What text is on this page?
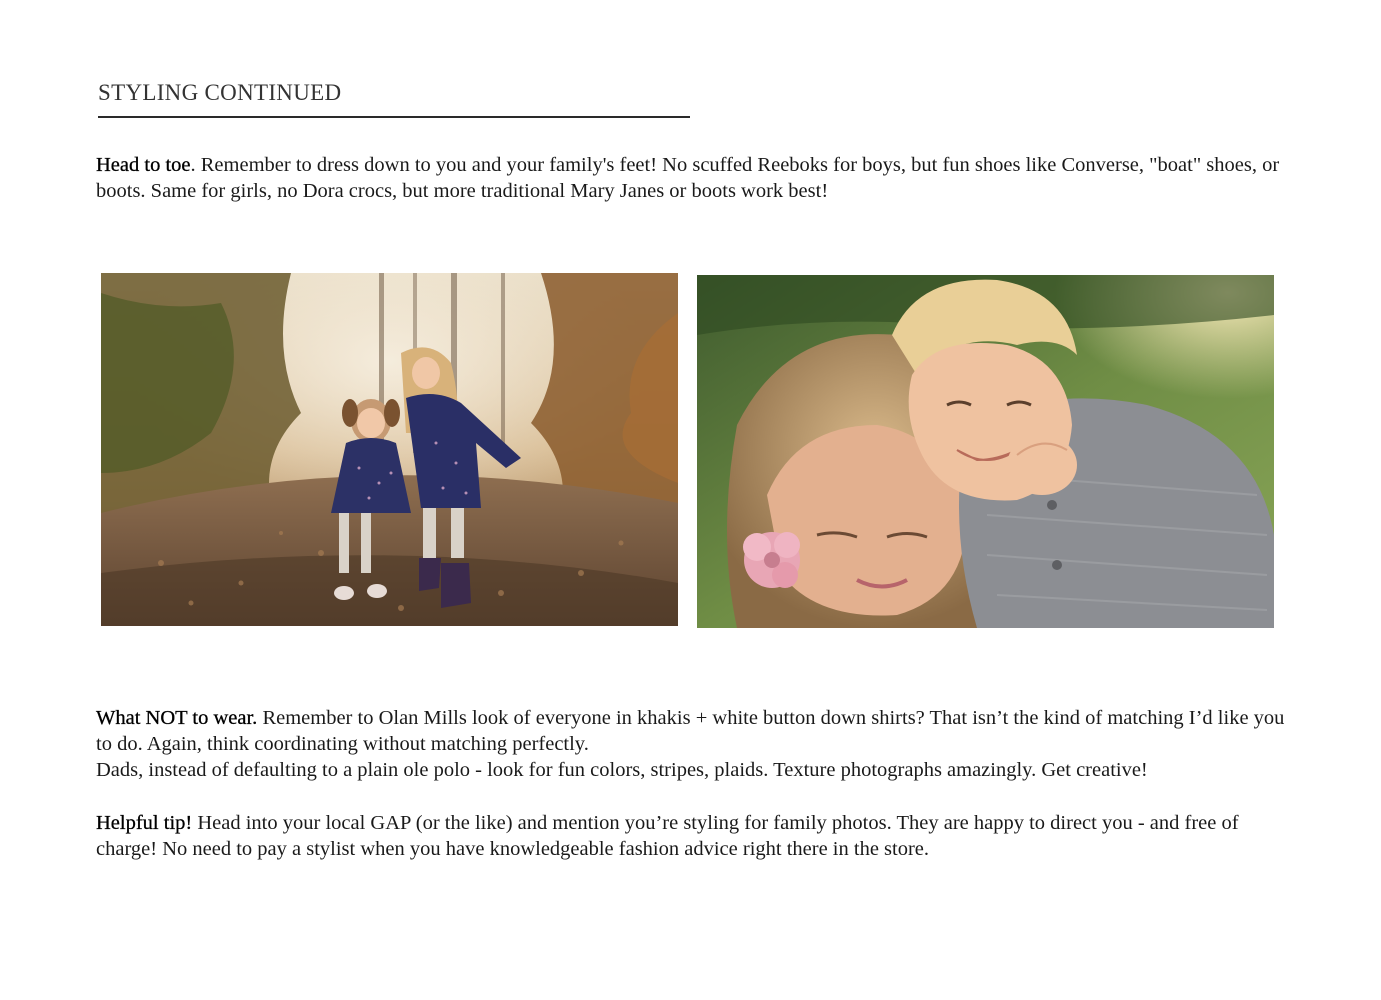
STYLING CONTINUED

Head to toe. Remember to dress down to you and your family's feet! No scuffed Reeboks for boys, but fun shoes like Converse, "boat" shoes, or boots. Same for girls, no Dora crocs, but more traditional Mary Janes or boots work best!

What NOT to wear. Remember to Olan Mills look of everyone in khakis + white button down shirts? That isn’t the kind of matching I’d like you to do. Again, think coordinating without matching perfectly.
Dads, instead of defaulting to a plain ole polo - look for fun colors, stripes, plaids. Texture photographs amazingly. Get creative!

Helpful tip! Head into your local GAP (or the like) and mention you’re styling for family photos. They are happy to direct you - and free of charge! No need to pay a stylist when you have knowledgeable fashion advice right there in the store.
